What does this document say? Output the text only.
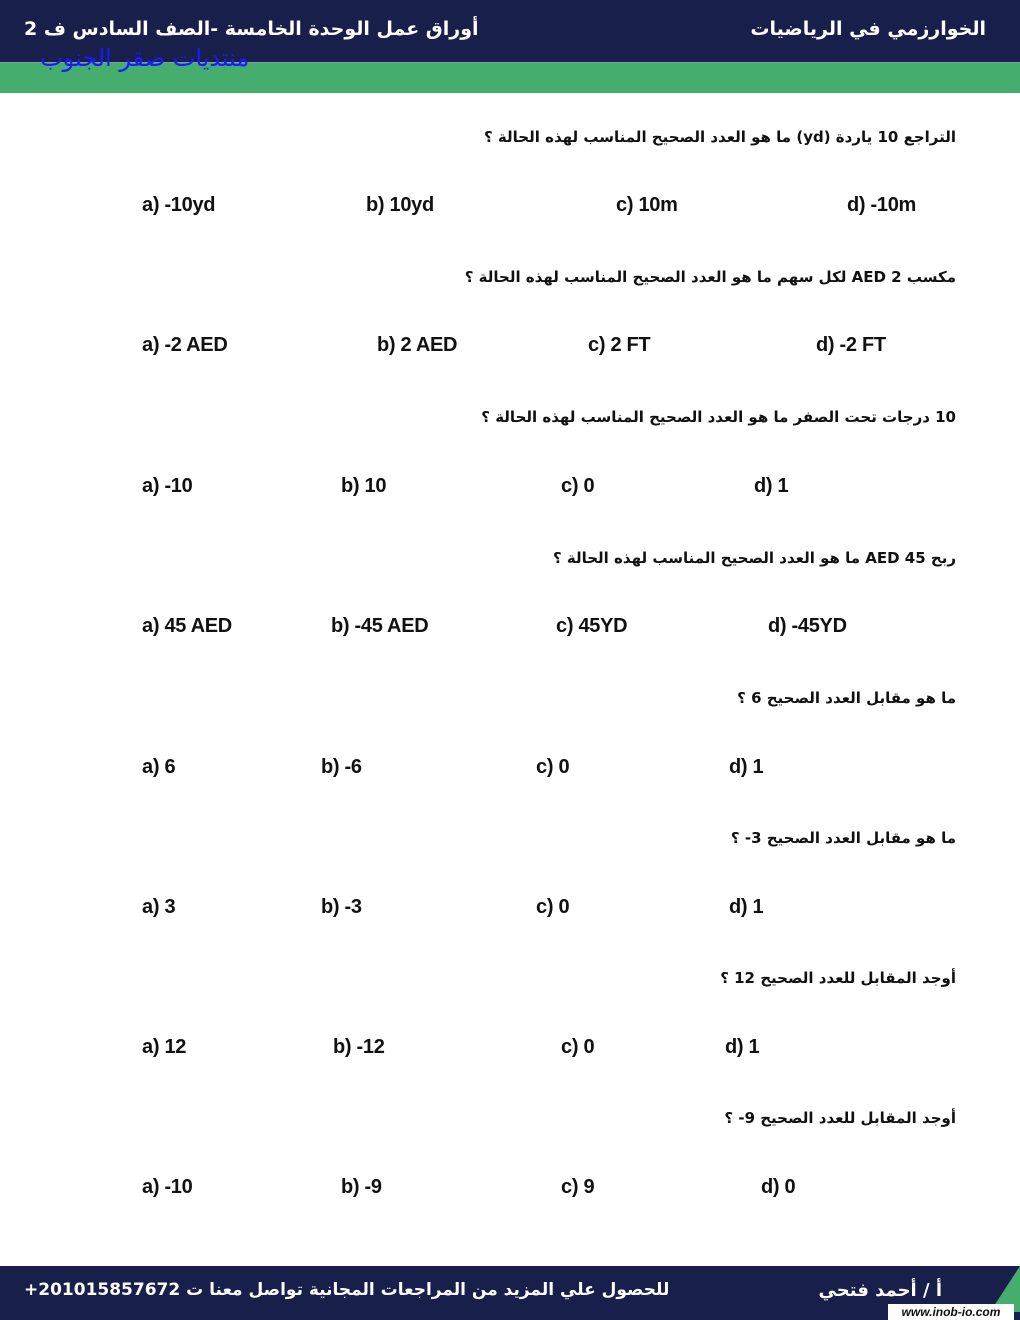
أوراق عمل الوحدة الخامسة -الصف السادس ف 2	الخوارزمي في الرياضيات
منتديات صقر الجنوب
التراجع 10 ياردة (yd) ما هو العدد الصحيح المناسب لهذه الحالة ؟
a) -10yd	b) 10yd	c) 10m	d) -10m
مكسب AED 2 لكل سهم ما هو العدد الصحيح المناسب لهذه الحالة ؟
a) -2 AED	b) 2 AED	c) 2 FT	d) -2 FT
10 درجات تحت الصفر ما هو العدد الصحيح المناسب لهذه الحالة ؟
a) -10	b) 10	c) 0	d) 1
ربح AED 45 ما هو العدد الصحيح المناسب لهذه الحالة ؟
a) 45 AED	b) -45 AED	c) 45YD	d) -45YD
ما هو مقابل العدد الصحيح 6 ؟
a) 6	b) -6	c) 0	d) 1
ما هو مقابل العدد الصحيح 3- ؟
a) 3	b) -3	c) 0	d) 1
أوجد المقابل للعدد الصحيح 12 ؟
a) 12	b) -12	c) 0	d) 1
أوجد المقابل للعدد الصحيح 9- ؟
a) -10	b) -9	c) 9	d) 0
للحصول علي المزيد من المراجعات المجانية تواصل معنا ت 201015857672+	أ / أحمد فتحي
www.inob-io.com
